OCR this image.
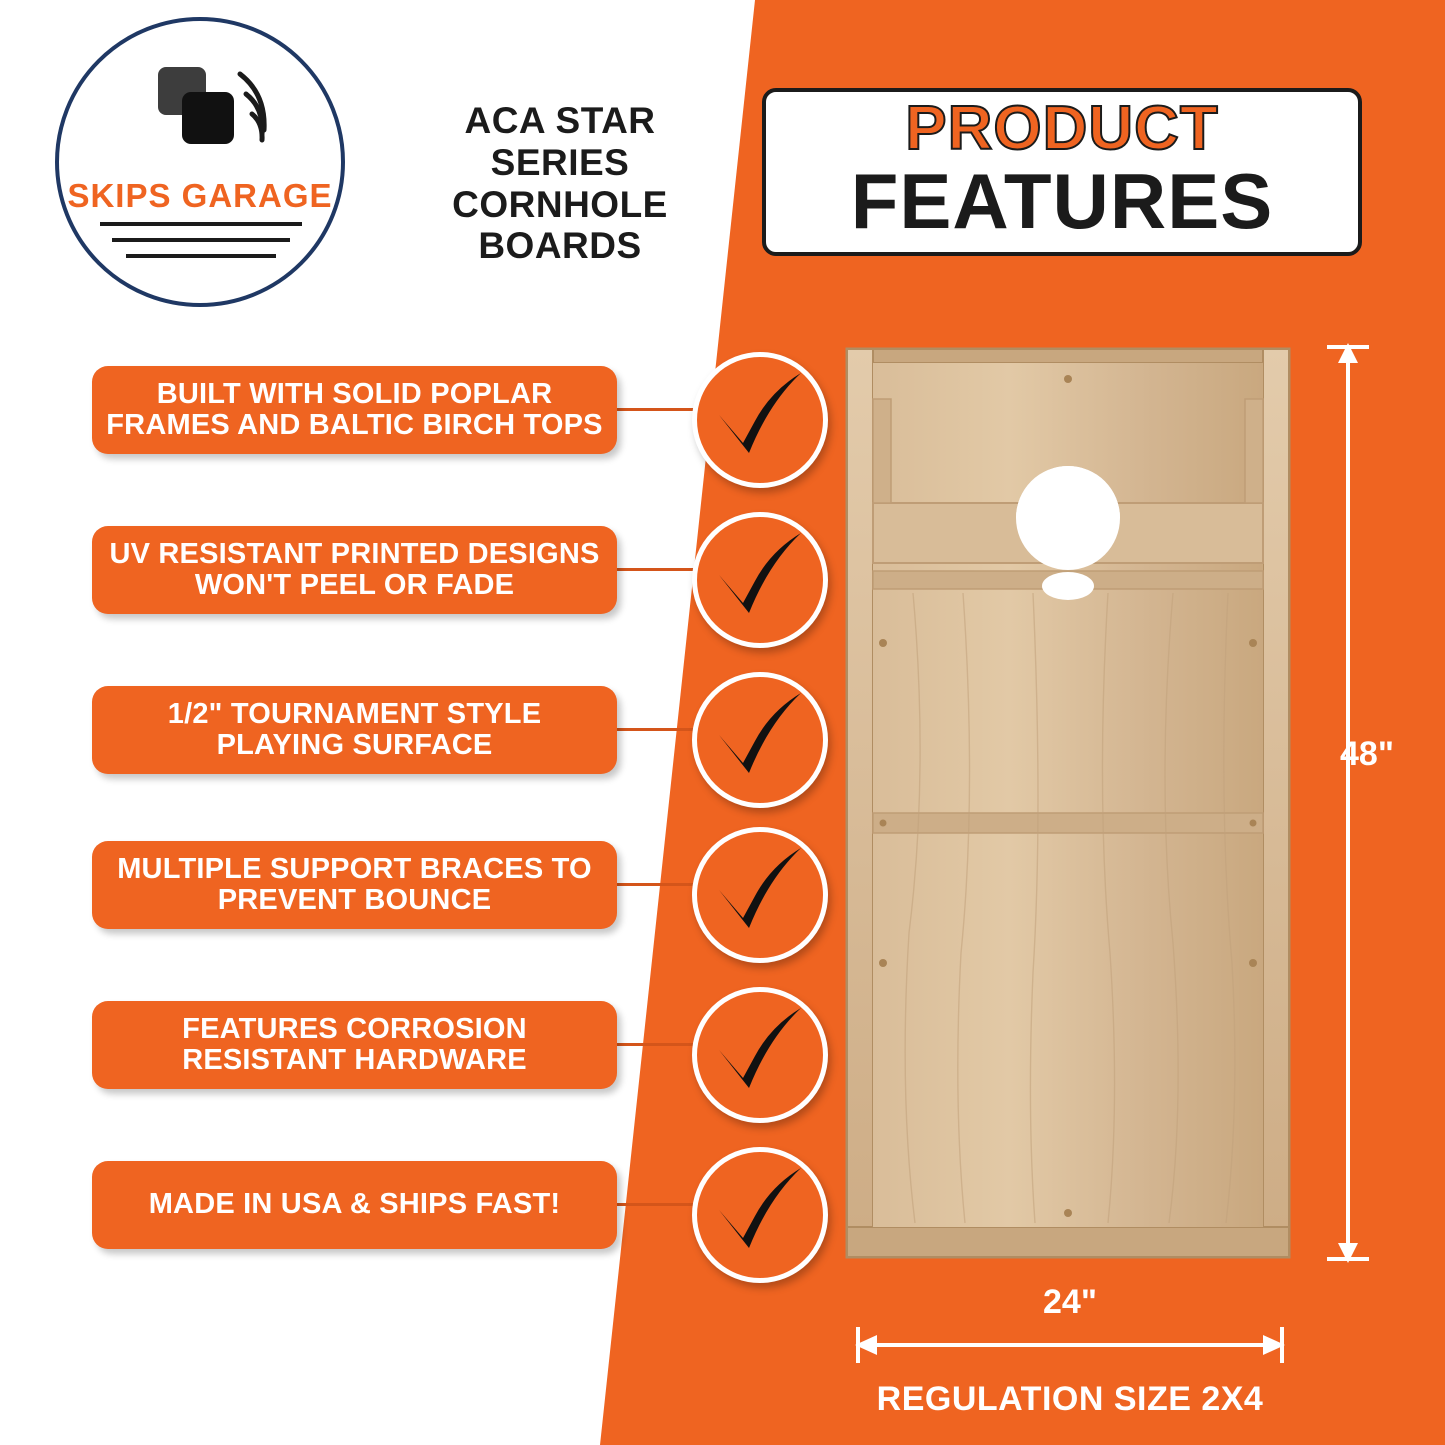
SKIPS GARAGE
ACA STAR SERIES CORNHOLE BOARDS
PRODUCT
FEATURES
BUILT WITH SOLID POPLAR FRAMES AND BALTIC BIRCH TOPS
UV RESISTANT PRINTED DESIGNS WON'T PEEL OR FADE
1/2" TOURNAMENT STYLE PLAYING SURFACE
MULTIPLE SUPPORT BRACES TO PREVENT BOUNCE
FEATURES CORROSION RESISTANT HARDWARE
MADE IN USA & SHIPS FAST!
48"
24"
REGULATION SIZE 2X4
